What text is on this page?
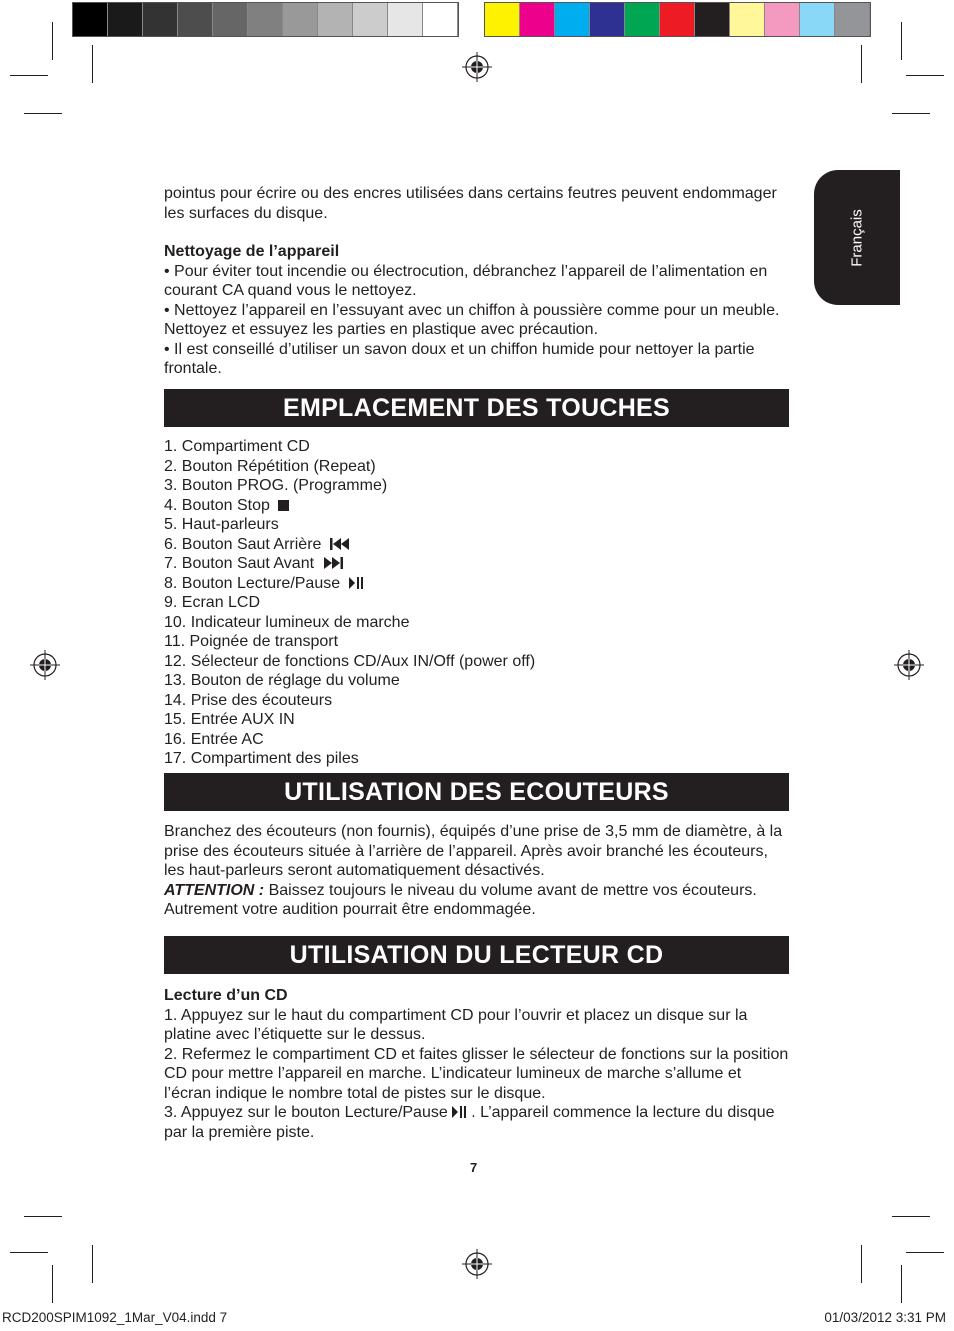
Français

pointus pour écrire ou des encres utilisées dans certains feutres peuvent endommager les surfaces du disque.

Nettoyage de l’appareil

• Pour éviter tout incendie ou électrocution, débranchez l’appareil de l’alimentation en courant CA quand vous le nettoyez.

• Nettoyez l’appareil en l’essuyant avec un chiffon à poussière comme pour un meuble. Nettoyez et essuyez les parties en plastique avec précaution.

• Il est conseillé d’utiliser un savon doux et un chiffon humide pour nettoyer la partie frontale.

EMPLACEMENT DES TOUCHES
1. Compartiment CD
2. Bouton Répétition (Repeat)
3. Bouton PROG. (Programme)
4. Bouton Stop
5. Haut-parleurs
6. Bouton Saut Arrière
7. Bouton Saut Avant
8. Bouton Lecture/Pause
9. Ecran LCD
10. Indicateur lumineux de marche
11. Poignée de transport
12. Sélecteur de fonctions CD/Aux IN/Off (power off)
13. Bouton de réglage du volume
14. Prise des écouteurs
15. Entrée AUX IN
16. Entrée AC
17. Compartiment des piles
UTILISATION DES ECOUTEURS

Branchez des écouteurs (non fournis), équipés d’une prise de 3,5 mm de diamètre, à la prise des écouteurs située à l’arrière de l’appareil. Après avoir branché les écouteurs, les haut-parleurs seront automatiquement désactivés.
ATTENTION : Baissez toujours le niveau du volume avant de mettre vos écouteurs. Autrement votre audition pourrait être endommagée.

UTILISATION DU LECTEUR CD

Lecture d’un CD

1. Appuyez sur le haut du compartiment CD pour l’ouvrir et placez un disque sur la platine avec l’étiquette sur le dessus.

2. Refermez le compartiment CD et faites glisser le sélecteur de fonctions sur la position CD pour mettre l’appareil en marche. L’indicateur lumineux de marche s’allume et l’écran indique le nombre total de pistes sur le disque.

3. Appuyez sur le bouton Lecture/Pause . L’appareil commence la lecture du disque par la première piste.

7
RCD200SPIM1092_1Mar_V04.indd 7	01/03/2012 3:31 PM
